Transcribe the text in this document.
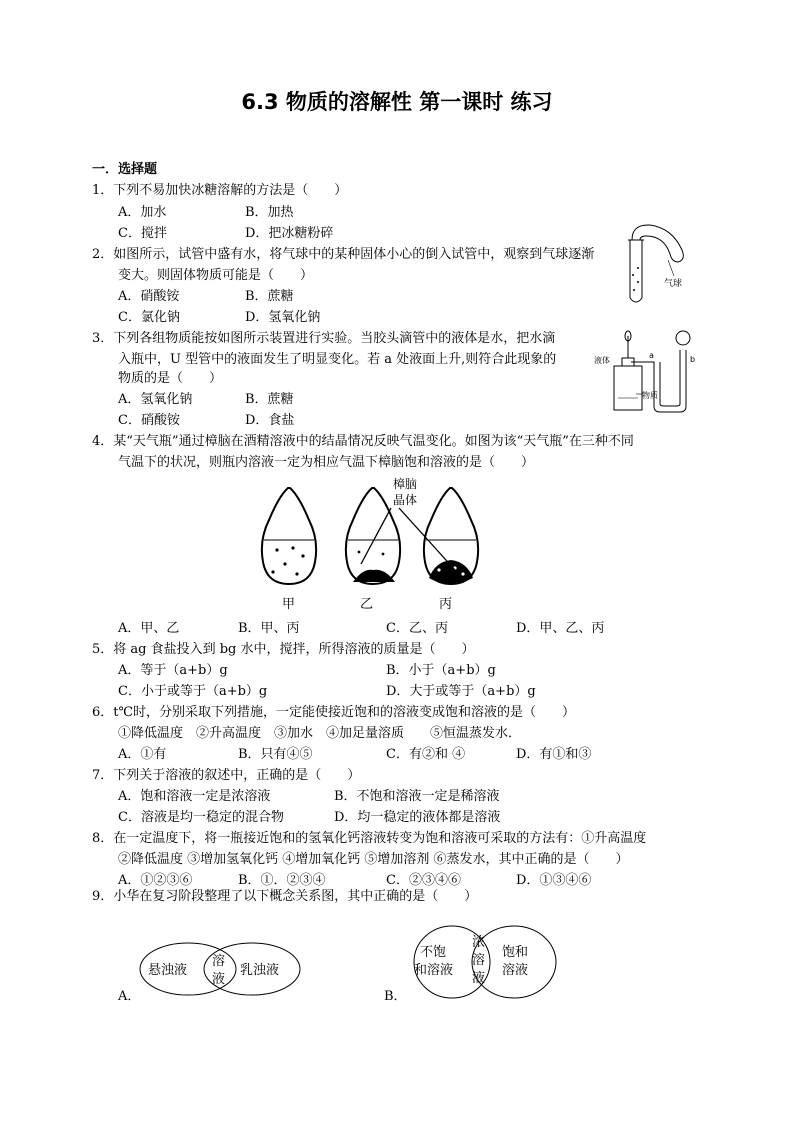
6.3 物质的溶解性 第一课时 练习
一．选择题
1．下列不易加快冰糖溶解的方法是（　　）
A．加水	B．加热
C．搅拌	D．把冰糖粉碎
2．如图所示，试管中盛有水，将气球中的某种固体小心的倒入试管中，观察到气球逐渐
变大。则固体物质可能是（　　）
A．硝酸铵	B．蔗糖
C．氯化钠	D．氢氧化钠
气球
3．下列各组物质能按如图所示装置进行实验。当胶头滴管中的液体是水，把水滴
入瓶中，U 型管中的液面发生了明显变化。若 a 处液面上升,则符合此现象的
物质的是（　　）
A．氢氧化钠	B．蔗糖
C．硝酸铵	D．食盐
液体
a	b
物质
4．某“天气瓶”通过樟脑在酒精溶液中的结晶情况反映气温变化。如图为该“天气瓶”在三种不同
气温下的状况，则瓶内溶液一定为相应气温下樟脑饱和溶液的是（　　）
樟脑
晶体
甲	乙	丙
A．甲、乙	B．甲、丙	C．乙、丙	D．甲、乙、丙
5．将 ag 食盐投入到 bg 水中，搅拌，所得溶液的质量是（　　）
A．等于（a+b）g	B．小于（a+b）g
C．小于或等于（a+b）g	D．大于或等于（a+b）g
6．t℃时，分别采取下列措施，一定能使接近饱和的溶液变成饱和溶液的是（　　）
①降低温度　②升高温度　③加水　④加足量溶质　　⑤恒温蒸发水．
A．①有	B．只有④⑤	C．有②和 ④	D．有①和③
7．下列关于溶液的叙述中，正确的是（　　）
A．饱和溶液一定是浓溶液	B．不饱和溶液一定是稀溶液
C．溶液是均一稳定的混合物	D．均一稳定的液体都是溶液
8．在一定温度下，将一瓶接近饱和的氢氧化钙溶液转变为饱和溶液可采取的方法有：①升高温度
②降低温度 ③增加氢氧化钙 ④增加氧化钙 ⑤增加溶剂 ⑥蒸发水，其中正确的是（　　）
A．①②③⑥	B．①．②③④	C．②③④⑥	D．①③④⑥
9．小华在复习阶段整理了以下概念关系图，其中正确的是（　　）
悬浊液
溶
液
乳浊液
A．
不饱
和溶液
浓
溶
液
饱和
溶液
B．
